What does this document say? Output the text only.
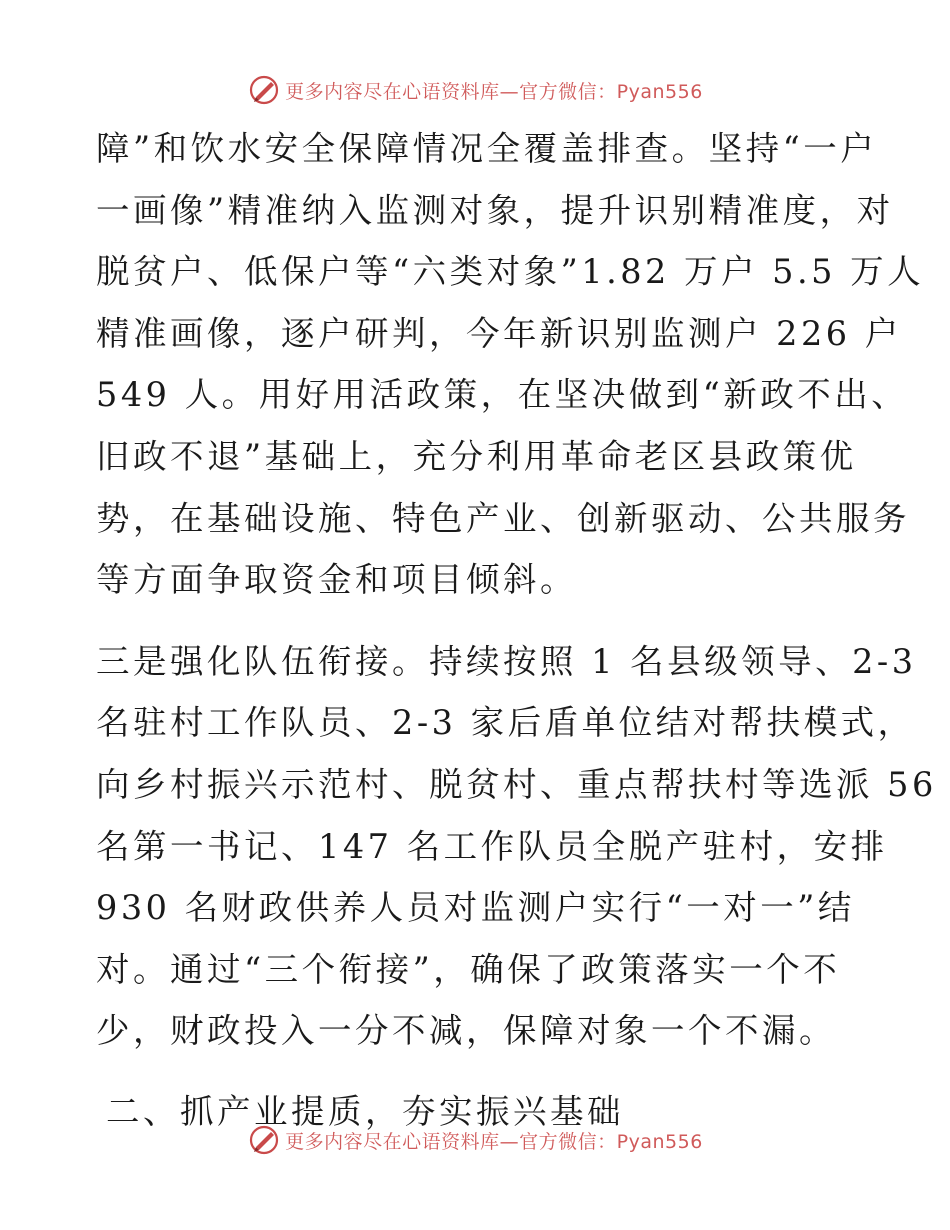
更多内容尽在心语资料库—官方微信：Pyan556
障”和饮水安全保障情况全覆盖排查。坚持“一户
一画像”精准纳入监测对象，提升识别精准度，对
脱贫户、低保户等“六类对象”1.82 万户 5.5 万人
精准画像，逐户研判，今年新识别监测户 226 户
549 人。用好用活政策，在坚决做到“新政不出、
旧政不退”基础上，充分利用革命老区县政策优
势，在基础设施、特色产业、创新驱动、公共服务
等方面争取资金和项目倾斜。
三是强化队伍衔接。持续按照 1 名县级领导、2-3
名驻村工作队员、2-3 家后盾单位结对帮扶模式，
向乡村振兴示范村、脱贫村、重点帮扶村等选派 56
名第一书记、147 名工作队员全脱产驻村，安排
930 名财政供养人员对监测户实行“一对一”结
对。通过“三个衔接”，确保了政策落实一个不
少，财政投入一分不减，保障对象一个不漏。
二、抓产业提质，夯实振兴基础
更多内容尽在心语资料库—官方微信：Pyan556
